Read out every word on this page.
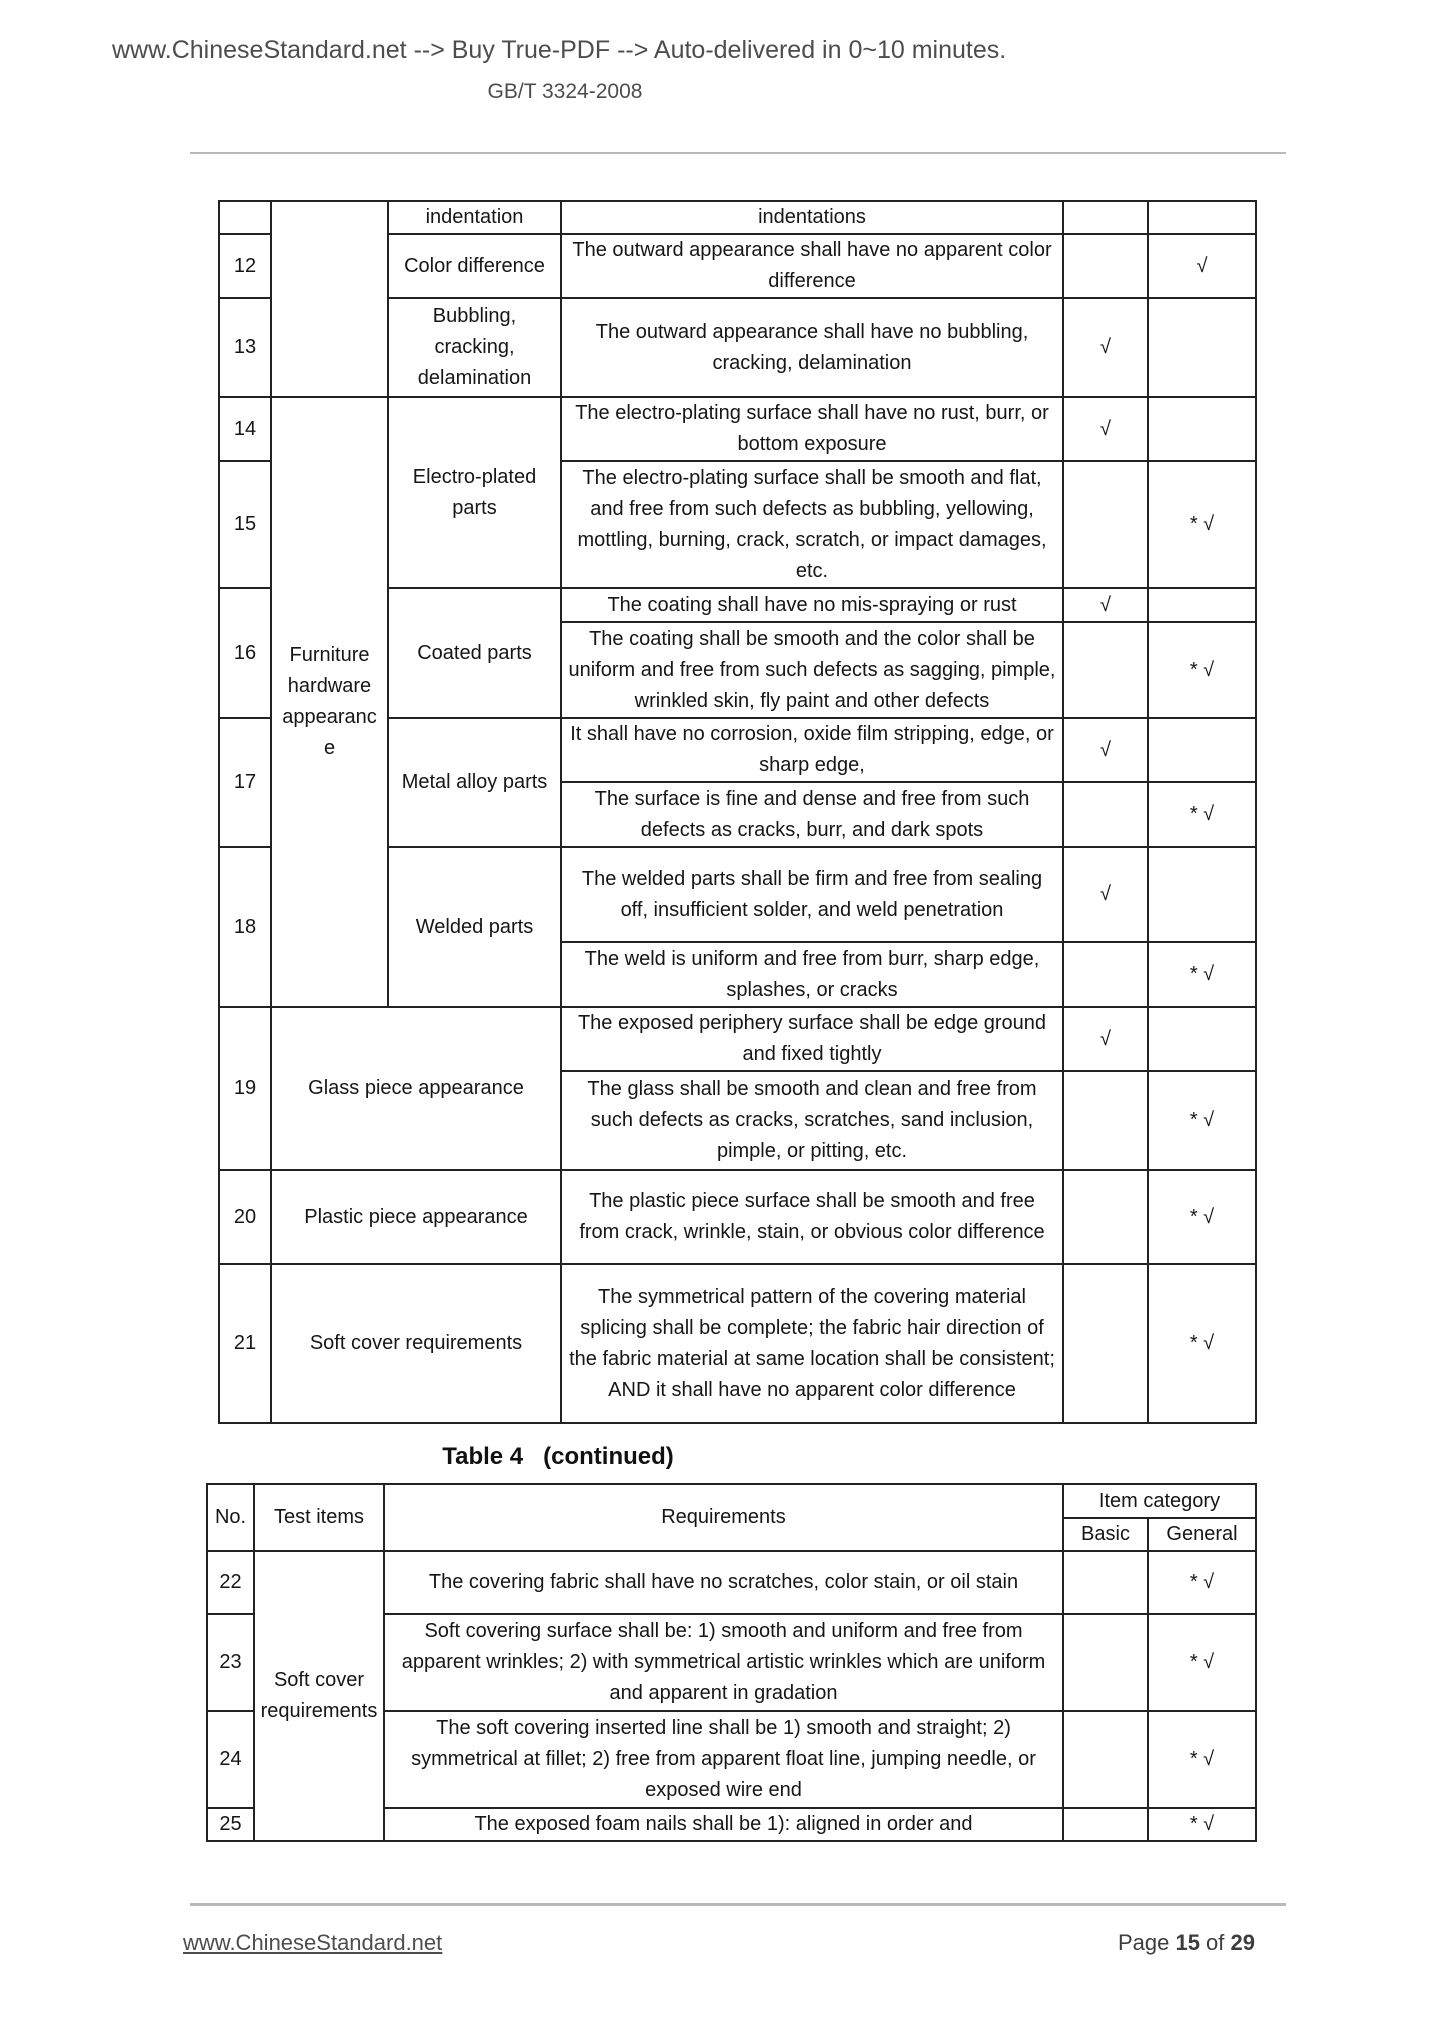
www.ChineseStandard.net --> Buy True-PDF --> Auto-delivered in 0~10 minutes.
GB/T 3324-2008
		indentation	indentations		
12		Color difference	The outward appearance shall have no apparent color difference		√
13		Bubbling, cracking, delamination	The outward appearance shall have no bubbling, cracking, delamination	√	
14	Furniture hardware appearance	Electro-plated parts	The electro-plating surface shall have no rust, burr, or bottom exposure	√	
15			The electro-plating surface shall be smooth and flat, and free from such defects as bubbling, yellowing, mottling, burning, crack, scratch, or impact damages, etc.		* √
16		Coated parts	The coating shall have no mis-spraying or rust	√	
			The coating shall be smooth and the color shall be uniform and free from such defects as sagging, pimple, wrinkled skin, fly paint and other defects		* √
17		Metal alloy parts	It shall have no corrosion, oxide film stripping, edge, or sharp edge,	√	
			The surface is fine and dense and free from such defects as cracks, burr, and dark spots		* √
18		Welded parts	The welded parts shall be firm and free from sealing off, insufficient solder, and weld penetration	√	
			The weld is uniform and free from burr, sharp edge, splashes, or cracks		* √
19	Glass piece appearance		The exposed periphery surface shall be edge ground and fixed tightly	√	
			The glass shall be smooth and clean and free from such defects as cracks, scratches, sand inclusion, pimple, or pitting, etc.		* √
20	Plastic piece appearance		The plastic piece surface shall be smooth and free from crack, wrinkle, stain, or obvious color difference		* √
21	Soft cover requirements		The symmetrical pattern of the covering material splicing shall be complete; the fabric hair direction of the fabric material at same location shall be consistent; AND it shall have no apparent color difference		* √
Table 4   (continued)
No.	Test items	Requirements	Item category	
			Basic	General
22	Soft cover requirements	The covering fabric shall have no scratches, color stain, or oil stain		* √
23		Soft covering surface shall be: 1) smooth and uniform and free from apparent wrinkles; 2) with symmetrical artistic wrinkles which are uniform and apparent in gradation		* √
24		The soft covering inserted line shall be 1) smooth and straight; 2) symmetrical at fillet; 2) free from apparent float line, jumping needle, or exposed wire end		* √
25		The exposed foam nails shall be 1): aligned in order and		* √
www.ChineseStandard.net	Page 15 of 29
